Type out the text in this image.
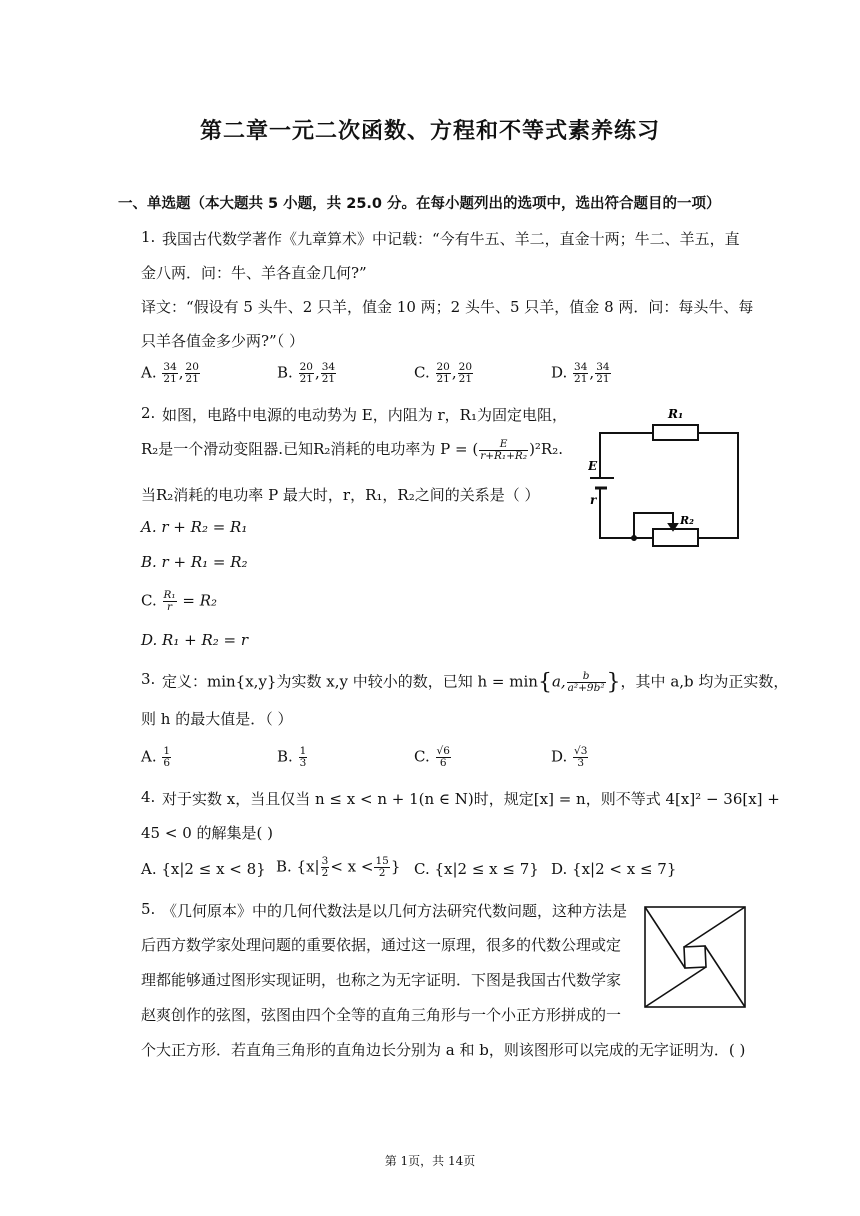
第二章一元二次函数、方程和不等式素养练习
一、单选题（本大题共 5 小题，共 25.0 分。在每小题列出的选项中，选出符合题目的一项）
1. 我国古代数学著作《九章算术》中记载：“今有牛五、羊二，直金十两；牛二、羊五，直
金八两．问：牛、羊各直金几何?”
译文：“假设有 5 头牛、2 只羊，值金 10 两；2 头牛、5 只羊，值金 8 两．问：每头牛、每
只羊各值金多少两?”（ ）
A. $\frac{34}{21}$ , $\frac{20}{21}$	B. $\frac{20}{21}$ , $\frac{34}{21}$	C. $\frac{20}{21}$ , $\frac{20}{21}$	D. $\frac{34}{21}$ , $\frac{34}{21}$
2. 如图，电路中电源的电动势为 E，内阻为 r，R₁为固定电阻，
R₂是一个滑动变阻器.已知R₂消耗的电功率为 P = ( $\frac{E}{\text{r+R₁+R₂}} )^2R_2$.
当R₂消耗的电功率 P 最大时，r，R₁，R₂之间的关系是（ ）
A. r + R₂ = R₁
B. r + R₁ = R₂
C. $\frac{\text{R₁}}{r} = R_2$
D. R₁ + R₂ = r
R₁
E
r
R₂
3. 定义：min{x,y}为实数 x,y 中较小的数，已知 h = min{a, $\frac{b}{\text{a²+9b²}}$ }，其中 a,b 均为正实数，
则 h 的最大值是．（ ）
A. $\frac{1}{6}$	B. $\frac{1}{3}$	C. $\frac{√6}{6}$	D. $\frac{√3}{3}$
4. 对于实数 x，当且仅当 n ≤ x < n + 1(n ∈ N)时，规定[x] = n，则不等式 4[x]² − 36[x] +
45 < 0 的解集是( )
A. {x|2 ≤ x < 8} B. {$x| \frac{3}{2} < x < \frac{15}{2}$ } C. {x|2 ≤ x ≤ 7} D. {x|2 < x ≤ 7}
5. 《几何原本》中的几何代数法是以几何方法研究代数问题，这种方法是
后西方数学家处理问题的重要依据，通过这一原理，很多的代数公理或定
理都能够通过图形实现证明，也称之为无字证明．下图是我国古代数学家
赵爽创作的弦图，弦图由四个全等的直角三角形与一个小正方形拼成的一
个大正方形．若直角三角形的直角边长分别为 a 和 b，则该图形可以完成的无字证明为．( )
第 1页，共 14页
